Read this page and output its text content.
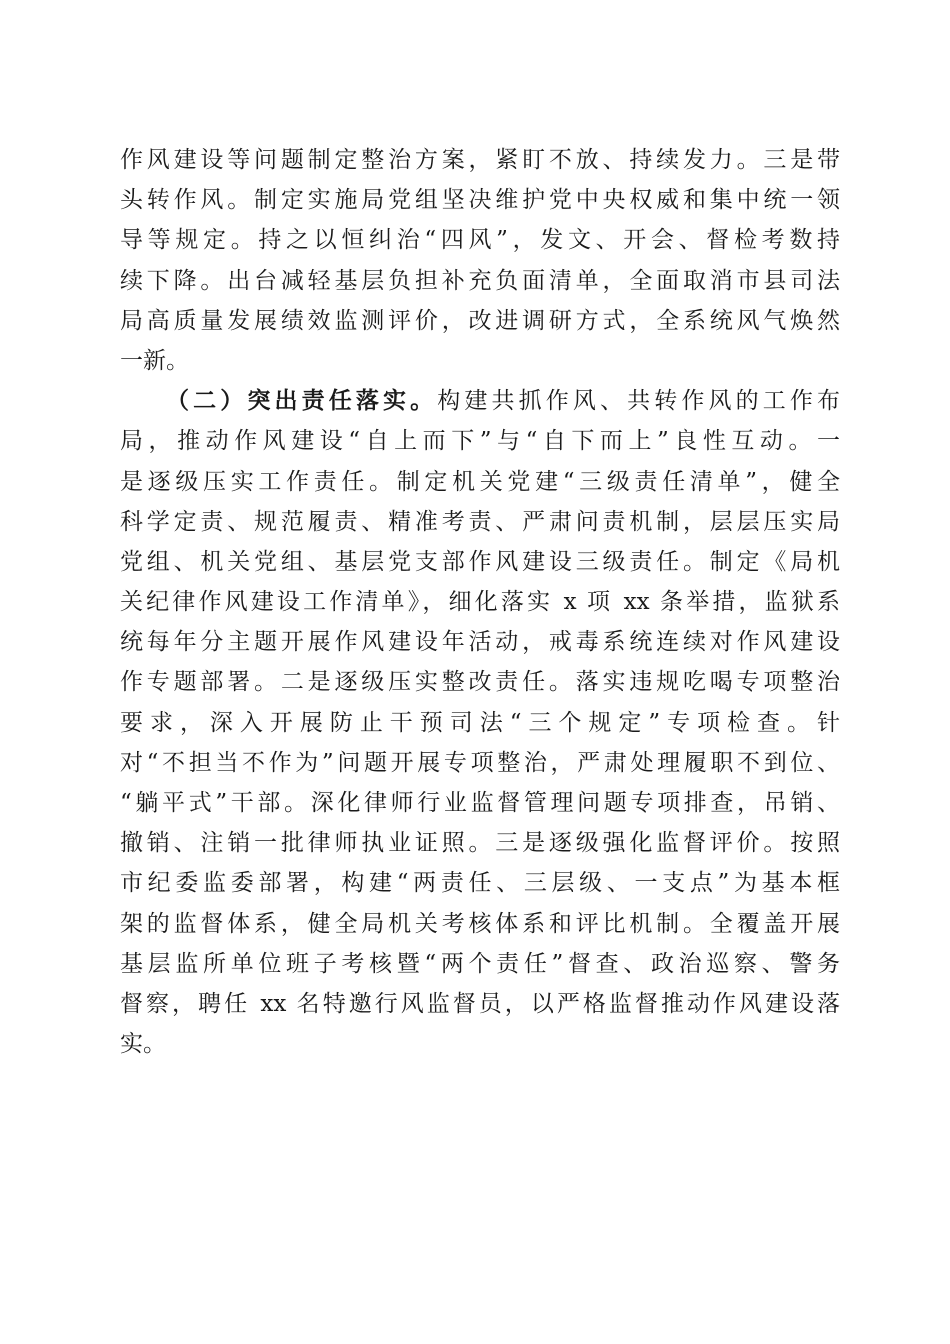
作风建设等问题制定整治方案，紧盯不放、持续发力。三是带
头转作风。制定实施局党组坚决维护党中央权威和集中统一领
导等规定。持之以恒纠治“四风”，发文、开会、督检考数持
续下降。出台减轻基层负担补充负面清单，全面取消市县司法
局高质量发展绩效监测评价，改进调研方式，全系统风气焕然
一新。
（二）突出责任落实。构建共抓作风、共转作风的工作布
局，推动作风建设“自上而下”与“自下而上”良性互动。一
是逐级压实工作责任。制定机关党建“三级责任清单”，健全
科学定责、规范履责、精准考责、严肃问责机制，层层压实局
党组、机关党组、基层党支部作风建设三级责任。制定《局机
关纪律作风建设工作清单》，细化落实 x 项 xx 条举措，监狱系
统每年分主题开展作风建设年活动，戒毒系统连续对作风建设
作专题部署。二是逐级压实整改责任。落实违规吃喝专项整治
要求，深入开展防止干预司法“三个规定”专项检查。针
对“不担当不作为”问题开展专项整治，严肃处理履职不到位、
“躺平式”干部。深化律师行业监督管理问题专项排查，吊销、
撤销、注销一批律师执业证照。三是逐级强化监督评价。按照
市纪委监委部署，构建“两责任、三层级、一支点”为基本框
架的监督体系，健全局机关考核体系和评比机制。全覆盖开展
基层监所单位班子考核暨“两个责任”督查、政治巡察、警务
督察，聘任 xx 名特邀行风监督员，以严格监督推动作风建设落
实。
